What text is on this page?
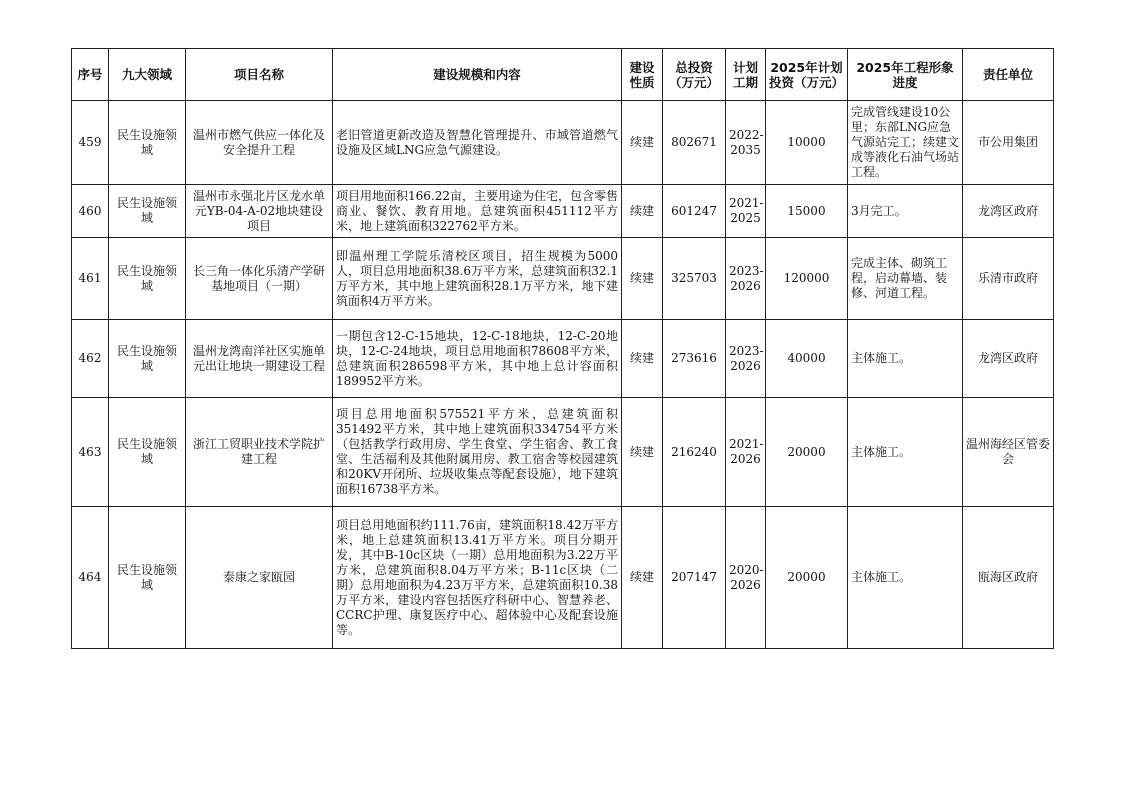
序号	九大领域	项目名称	建设规模和内容	建设性质	总投资（万元）	计划工期	2025年计划投资（万元）	2025年工程形象进度	责任单位
459	民生设施领域	温州市燃气供应一体化及安全提升工程	老旧管道更新改造及智慧化管理提升、市域管道燃气设施及区域LNG应急气源建设。	续建	802671	2022-2035	10000	完成管线建设10公里；东部LNG应急气源站完工；续建文成等液化石油气场站工程。	市公用集团
460	民生设施领域	温州市永强北片区龙水单元YB-04-A-02地块建设项目	项目用地面积166.22亩，主要用途为住宅，包含零售商业、餐饮、教育用地。总建筑面积451112平方米，地上建筑面积322762平方米。	续建	601247	2021-2025	15000	3月完工。	龙湾区政府
461	民生设施领域	长三角一体化乐清产学研基地项目（一期）	即温州理工学院乐清校区项目，招生规模为5000人，项目总用地面积38.6万平方米，总建筑面积32.1万平方米，其中地上建筑面积28.1万平方米，地下建筑面积4万平方米。	续建	325703	2023-2026	120000	完成主体、砌筑工程，启动幕墙、装修、河道工程。	乐清市政府
462	民生设施领域	温州龙湾南洋社区实施单元出让地块一期建设工程	一期包含12-C-15地块，12-C-18地块，12-C-20地块，12-C-24地块，项目总用地面积78608平方米，总建筑面积286598平方米，其中地上总计容面积189952平方米。	续建	273616	2023-2026	40000	主体施工。	龙湾区政府
463	民生设施领域	浙江工贸职业技术学院扩建工程	项目总用地面积575521平方米，总建筑面积351492平方米，其中地上建筑面积334754平方米（包括教学行政用房、学生食堂、学生宿舍、教工食堂、生活福利及其他附属用房、教工宿舍等校园建筑和20KV开闭所、垃圾收集点等配套设施），地下建筑面积16738平方米。	续建	216240	2021-2026	20000	主体施工。	温州海经区管委会
464	民生设施领域	泰康之家瓯园	项目总用地面积约111.76亩，建筑面积18.42万平方米，地上总建筑面积13.41万平方米。项目分期开发，其中B-10c区块（一期）总用地面积为3.22万平方米，总建筑面积8.04万平方米；B-11c区块（二期）总用地面积为4.23万平方米，总建筑面积10.38万平方米，建设内容包括医疗科研中心、智慧养老、CCRC护理、康复医疗中心、超体验中心及配套设施等。	续建	207147	2020-2026	20000	主体施工。	瓯海区政府
